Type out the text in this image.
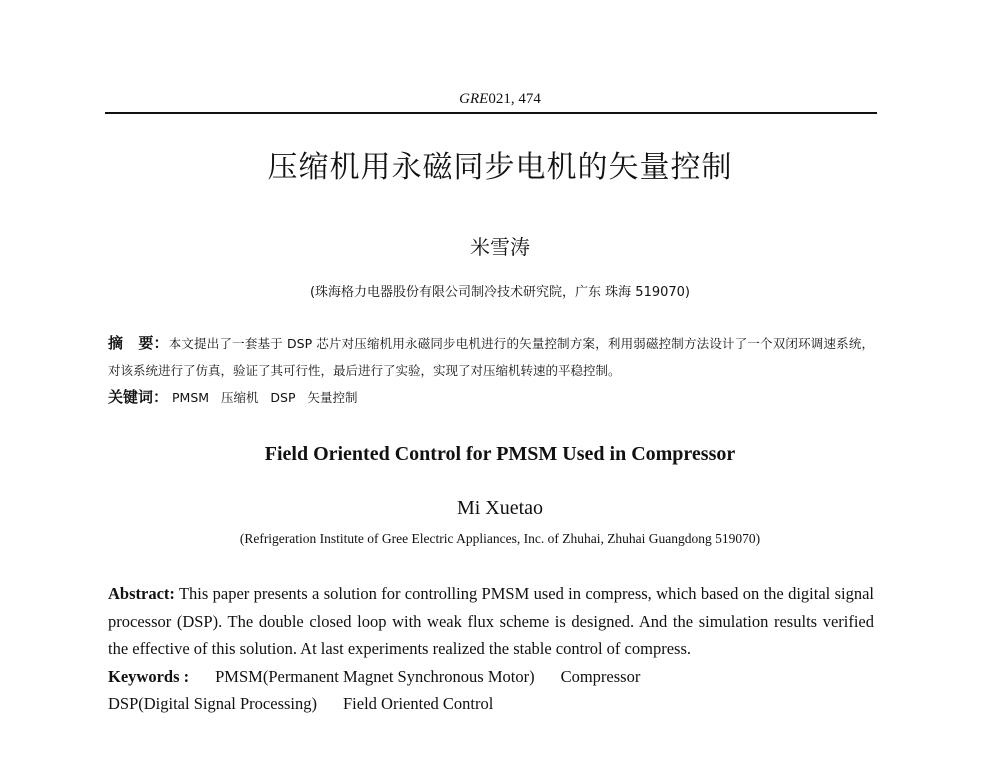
GRE021, 474
压缩机用永磁同步电机的矢量控制
米雪涛
(珠海格力电器股份有限公司制冷技术研究院，广东 珠海 519070)
摘　要：本文提出了一套基于 DSP 芯片对压缩机用永磁同步电机进行的矢量控制方案，利用弱磁控制方法设计了一个双闭环调速系统，对该系统进行了仿真，验证了其可行性，最后进行了实验，实现了对压缩机转速的平稳控制。
关键词： PMSM 压缩机 DSP 矢量控制
Field Oriented Control for PMSM Used in Compressor
Mi Xuetao
(Refrigeration Institute of Gree Electric Appliances, Inc. of Zhuhai, Zhuhai Guangdong 519070)
Abstract: This paper presents a solution for controlling PMSM used in compress, which based on the digital signal processor (DSP). The double closed loop with weak flux scheme is designed. And the simulation results verified the effective of this solution. At last experiments realized the stable control of compress.
Keywords : PMSM(Permanent Magnet Synchronous Motor) Compressor
DSP(Digital Signal Processing) Field Oriented Control
